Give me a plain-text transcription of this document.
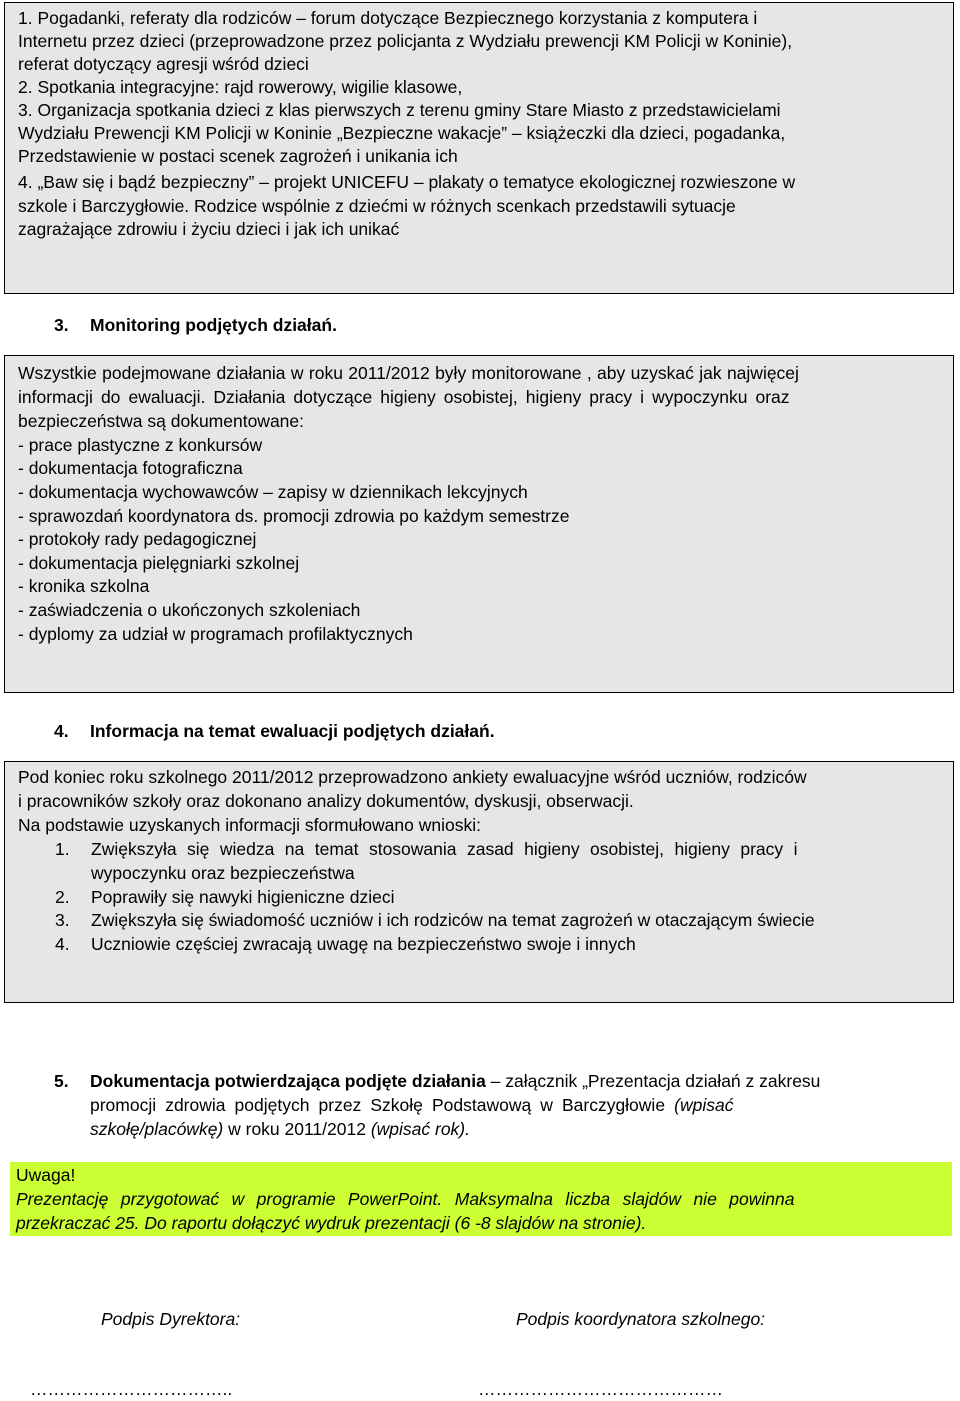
1. Pogadanki, referaty dla rodziców – forum dotyczące Bezpiecznego korzystania z komputera i
Internetu przez dzieci (przeprowadzone przez policjanta z Wydziału prewencji KM Policji w Koninie),
referat dotyczący agresji wśród dzieci
2. Spotkania integracyjne: rajd rowerowy, wigilie klasowe,
3. Organizacja spotkania dzieci z klas pierwszych z terenu gminy Stare Miasto z przedstawicielami
Wydziału Prewencji KM Policji w Koninie „Bezpieczne wakacje” – książeczki dla dzieci, pogadanka,
Przedstawienie w postaci scenek zagrożeń i unikania ich
4. „Baw się i bądź bezpieczny” – projekt UNICEFU – plakaty o tematyce ekologicznej rozwieszone w
szkole i Barczygłowie. Rodzice wspólnie z dziećmi w różnych scenkach przedstawili sytuacje
zagrażające zdrowiu i życiu dzieci i jak ich unikać
3. Monitoring podjętych działań.
Wszystkie podejmowane działania w roku 2011/2012 były monitorowane , aby uzyskać jak najwięcej
informacji do ewaluacji. Działania dotyczące higieny osobistej, higieny pracy i wypoczynku oraz
bezpieczeństwa są dokumentowane:
- prace plastyczne z konkursów
- dokumentacja fotograficzna
- dokumentacja wychowawców – zapisy w dziennikach lekcyjnych
- sprawozdań koordynatora ds. promocji zdrowia po każdym semestrze
- protokoły rady pedagogicznej
- dokumentacja pielęgniarki szkolnej
- kronika szkolna
- zaświadczenia o ukończonych szkoleniach
- dyplomy za udział w programach profilaktycznych
4. Informacja na temat ewaluacji podjętych działań.
Pod koniec roku szkolnego 2011/2012 przeprowadzono ankiety ewaluacyjne wśród uczniów, rodziców
i pracowników szkoły oraz dokonano analizy dokumentów, dyskusji, obserwacji.
Na podstawie uzyskanych informacji sformułowano wnioski:
1. Zwiększyła się wiedza na temat stosowania zasad higieny osobistej, higieny pracy i
wypoczynku oraz bezpieczeństwa
2. Poprawiły się nawyki higieniczne dzieci
3. Zwiększyła się świadomość uczniów i ich rodziców na temat zagrożeń w otaczającym świecie
4. Uczniowie częściej zwracają uwagę na bezpieczeństwo swoje i innych
5. Dokumentacja potwierdzająca podjęte działania – załącznik „Prezentacja działań z zakresu
promocji zdrowia podjętych przez Szkołę Podstawową w Barczygłowie (wpisać
szkołę/placówkę) w roku 2011/2012 (wpisać rok).
Uwaga!
Prezentację przygotować w programie PowerPoint. Maksymalna liczba slajdów nie powinna
przekraczać 25. Do raportu dołączyć wydruk prezentacji (6 -8 slajdów na stronie).
Podpis Dyrektora:	Podpis koordynatora szkolnego:
……………………………..	……………………………………
